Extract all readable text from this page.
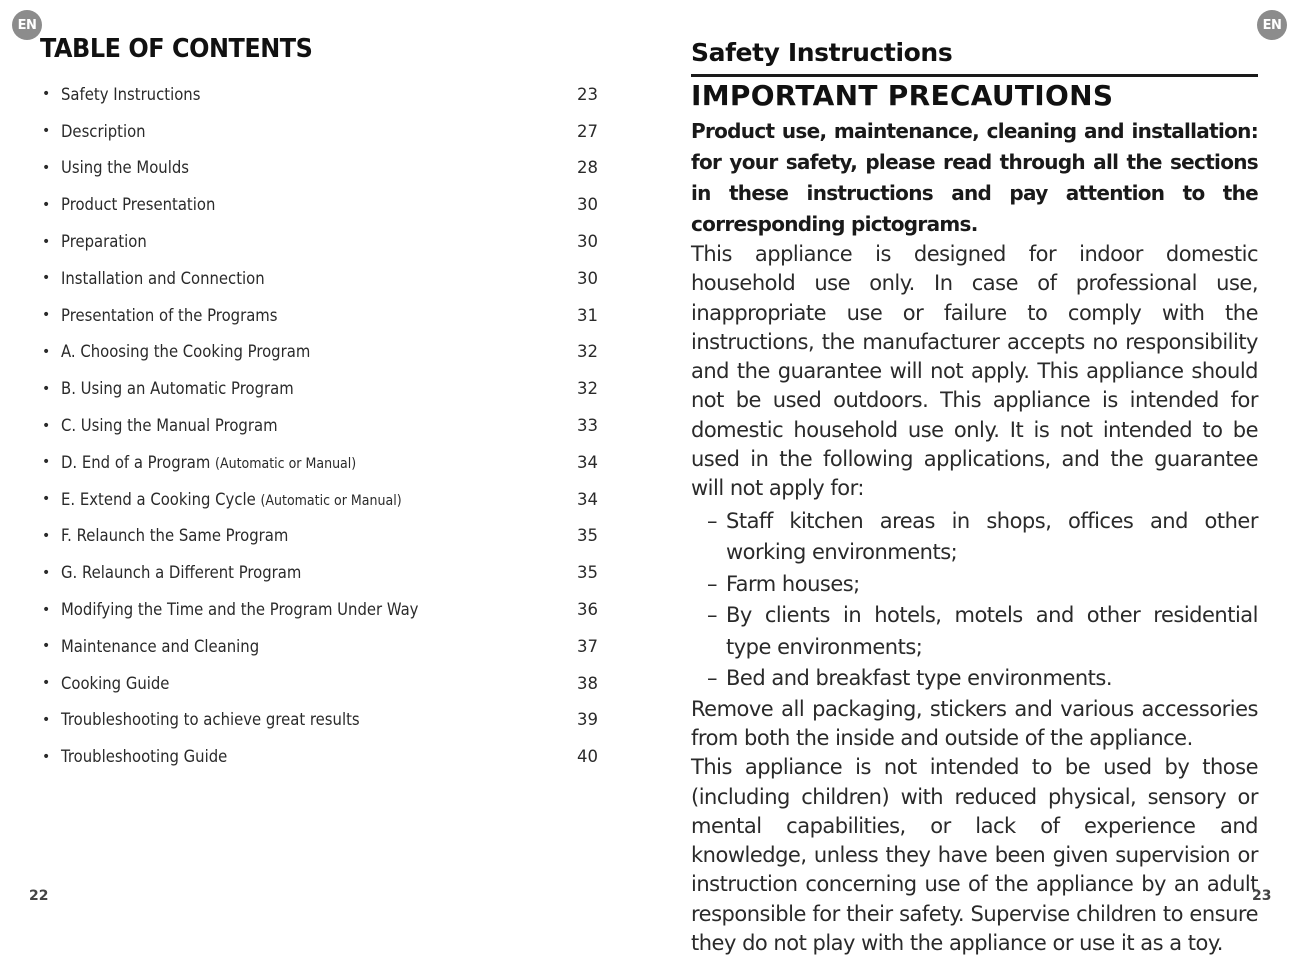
EN	EN
TABLE OF CONTENTS
• Safety Instructions	23
• Description	27
• Using the Moulds	28
• Product Presentation	30
• Preparation	30
• Installation and Connection	30
• Presentation of the Programs	31
• A. Choosing the Cooking Program	32
• B. Using an Automatic Program	32
• C. Using the Manual Program	33
• D. End of a Program (Automatic or Manual)	34
• E. Extend a Cooking Cycle (Automatic or Manual)	34
• F. Relaunch the Same Program	35
• G. Relaunch a Different Program	35
• Modifying the Time and the Program Under Way	36
• Maintenance and Cleaning	37
• Cooking Guide	38
• Troubleshooting to achieve great results	39
• Troubleshooting Guide	40
Safety Instructions
IMPORTANT PRECAUTIONS

Product use, maintenance, cleaning and installation: for your safety, please read through all the sections in these instructions and pay attention to the corresponding pictograms.

This appliance is designed for indoor domestic household use only. In case of professional use, inappropriate use or failure to comply with the instructions, the manufacturer accepts no responsibility and the guarantee will not apply. This appliance should not be used outdoors. This appliance is intended for domestic household use only. It is not intended to be used in the following applications, and the guarantee will not apply for:

– Staff kitchen areas in shops, offices and other working environments;
– Farm houses;
– By clients in hotels, motels and other residential type environments;
– Bed and breakfast type environments.

Remove all packaging, stickers and various accessories from both the inside and outside of the appliance.

This appliance is not intended to be used by those (including children) with reduced physical, sensory or mental capabilities, or lack of experience and knowledge, unless they have been given supervision or instruction concerning use of the appliance by an adult responsible for their safety. Supervise children to ensure they do not play with the appliance or use it as a toy.

22	23
